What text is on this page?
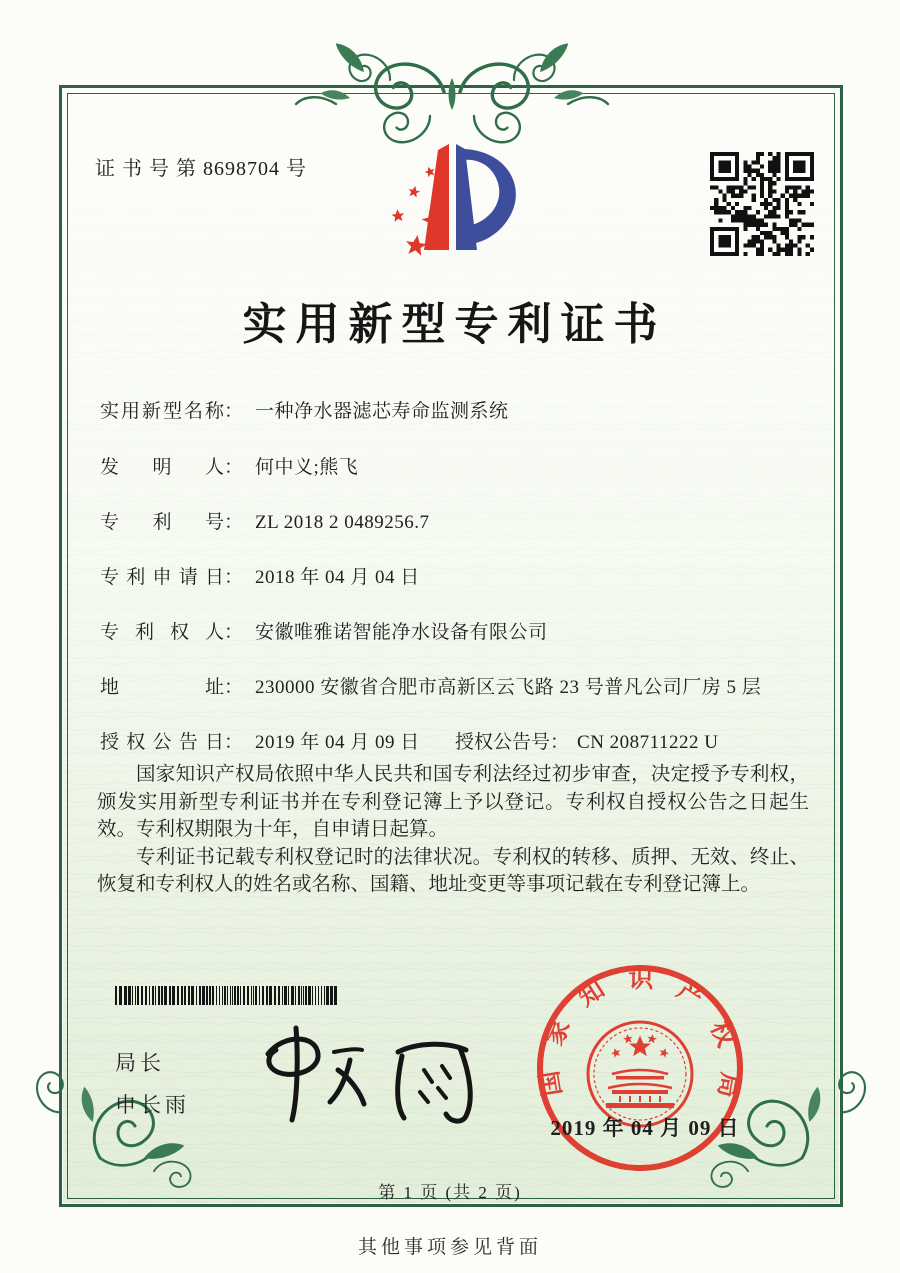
证 书 号 第 8698704 号
实用新型专利证书
实用新型名称： 一种净水器滤芯寿命监测系统
发明人： 何中义;熊飞
专利号： ZL 2018 2 0489256.7
专利申请日： 2018 年 04 月 04 日
专利权人： 安徽唯雅诺智能净水设备有限公司
地址： 230000 安徽省合肥市高新区云飞路 23 号普凡公司厂房 5 层
授权公告日： 2019 年 04 月 09 日 授权公告号： CN 208711222 U

国家知识产权局依照中华人民共和国专利法经过初步审查，决定授予专利权，颁发实用新型专利证书并在专利登记簿上予以登记。专利权自授权公告之日起生效。专利权期限为十年，自申请日起算。

专利证书记载专利权登记时的法律状况。专利权的转移、质押、无效、终止、恢复和专利权人的姓名或名称、国籍、地址变更等事项记载在专利登记簿上。

国家知识产权局
2019 年 04 月 09 日
局长
申长雨
第 1 页 (共 2 页)
其他事项参见背面
